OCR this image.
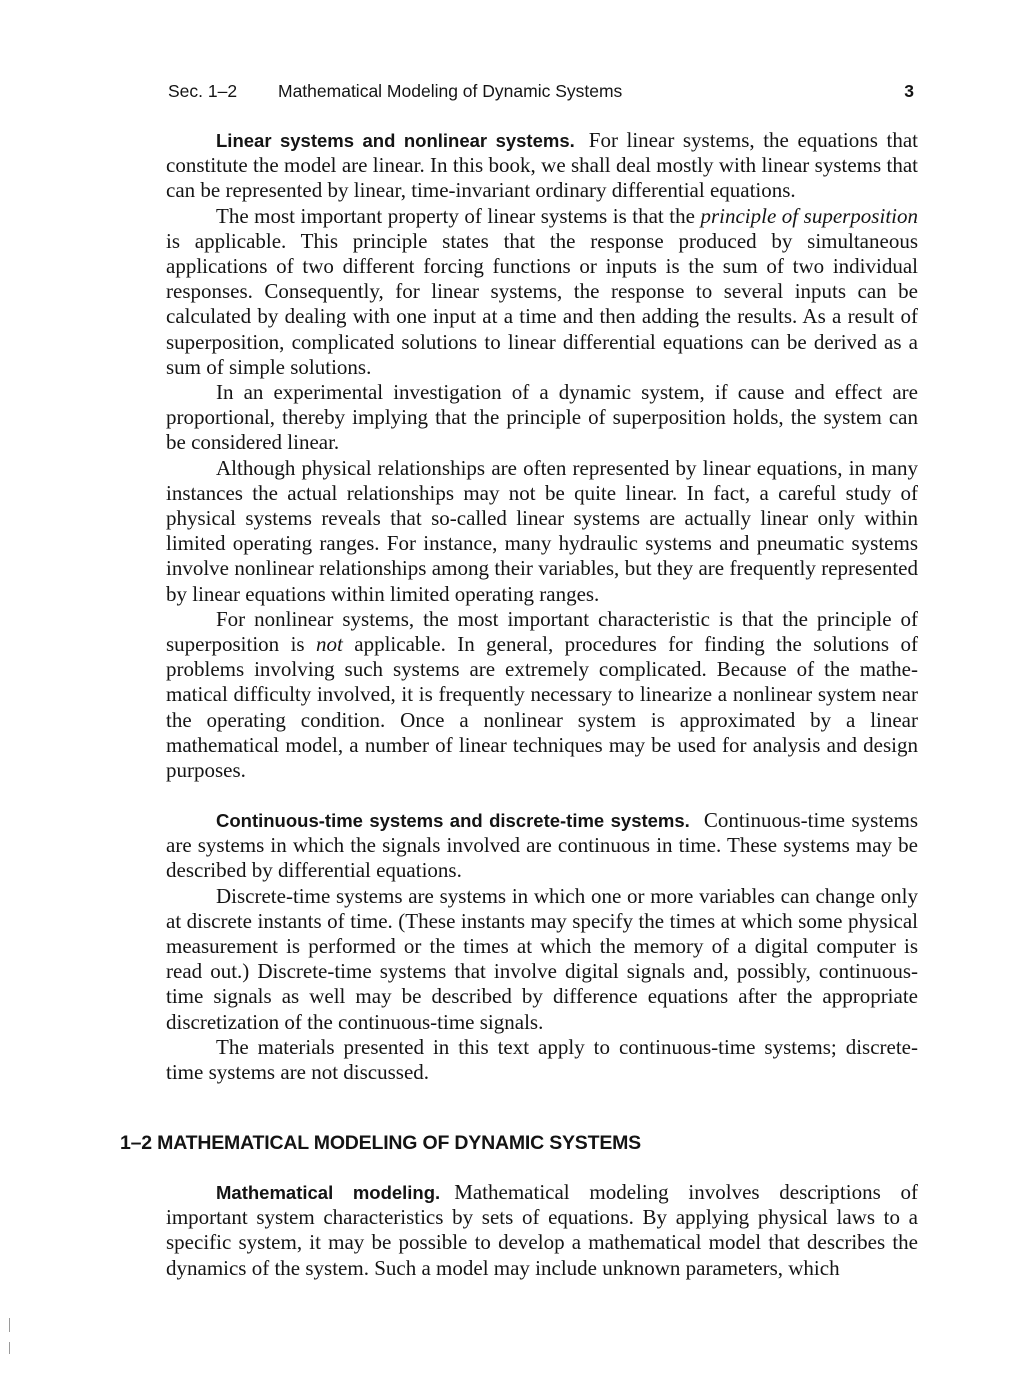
Sec. 1–2 Mathematical Modeling of Dynamic Systems	3

Linear systems and nonlinear systems. For linear systems, the equations that constitute the model are linear. In this book, we shall deal mostly with linear systems that can be represented by linear, time-invariant ordinary differential equations.

The most important property of linear systems is that the principle of superposition is applicable. This principle states that the response produced by simultaneous applications of two different forcing functions or inputs is the sum of two individual responses. Consequently, for linear systems, the response to several inputs can be calculated by dealing with one input at a time and then adding the results. As a result of superposition, complicated solutions to linear differential equations can be derived as a sum of simple solutions.

In an experimental investigation of a dynamic system, if cause and effect are proportional, thereby implying that the principle of superposition holds, the system can be considered linear.

Although physical relationships are often represented by linear equations, in many instances the actual relationships may not be quite linear. In fact, a careful study of physical systems reveals that so-called linear systems are actually linear only within limited operating ranges. For instance, many hydraulic systems and pneumatic systems involve nonlinear relationships among their variables, but they are frequently represented by linear equations within limited operating ranges.

For nonlinear systems, the most important characteristic is that the principle of superposition is not applicable. In general, procedures for finding the solutions of problems involving such systems are extremely complicated. Because of the mathematical difficulty involved, it is frequently necessary to linearize a nonlinear system near the operating condition. Once a nonlinear system is approximated by a linear mathematical model, a number of linear techniques may be used for analysis and design purposes.

Continuous-time systems and discrete-time systems. Continuous-time systems are systems in which the signals involved are continuous in time. These systems may be described by differential equations.

Discrete-time systems are systems in which one or more variables can change only at discrete instants of time. (These instants may specify the times at which some physical measurement is performed or the times at which the memory of a digital computer is read out.) Discrete-time systems that involve digital signals and, possibly, continuous-time signals as well may be described by difference equations after the appropriate discretization of the continuous-time signals.

The materials presented in this text apply to continuous-time systems; discrete-time systems are not discussed.

1–2 MATHEMATICAL MODELING OF DYNAMIC SYSTEMS

Mathematical modeling. Mathematical modeling involves descriptions of important system characteristics by sets of equations. By applying physical laws to a specific system, it may be possible to develop a mathematical model that describes the dynamics of the system. Such a model may include unknown parameters, which
